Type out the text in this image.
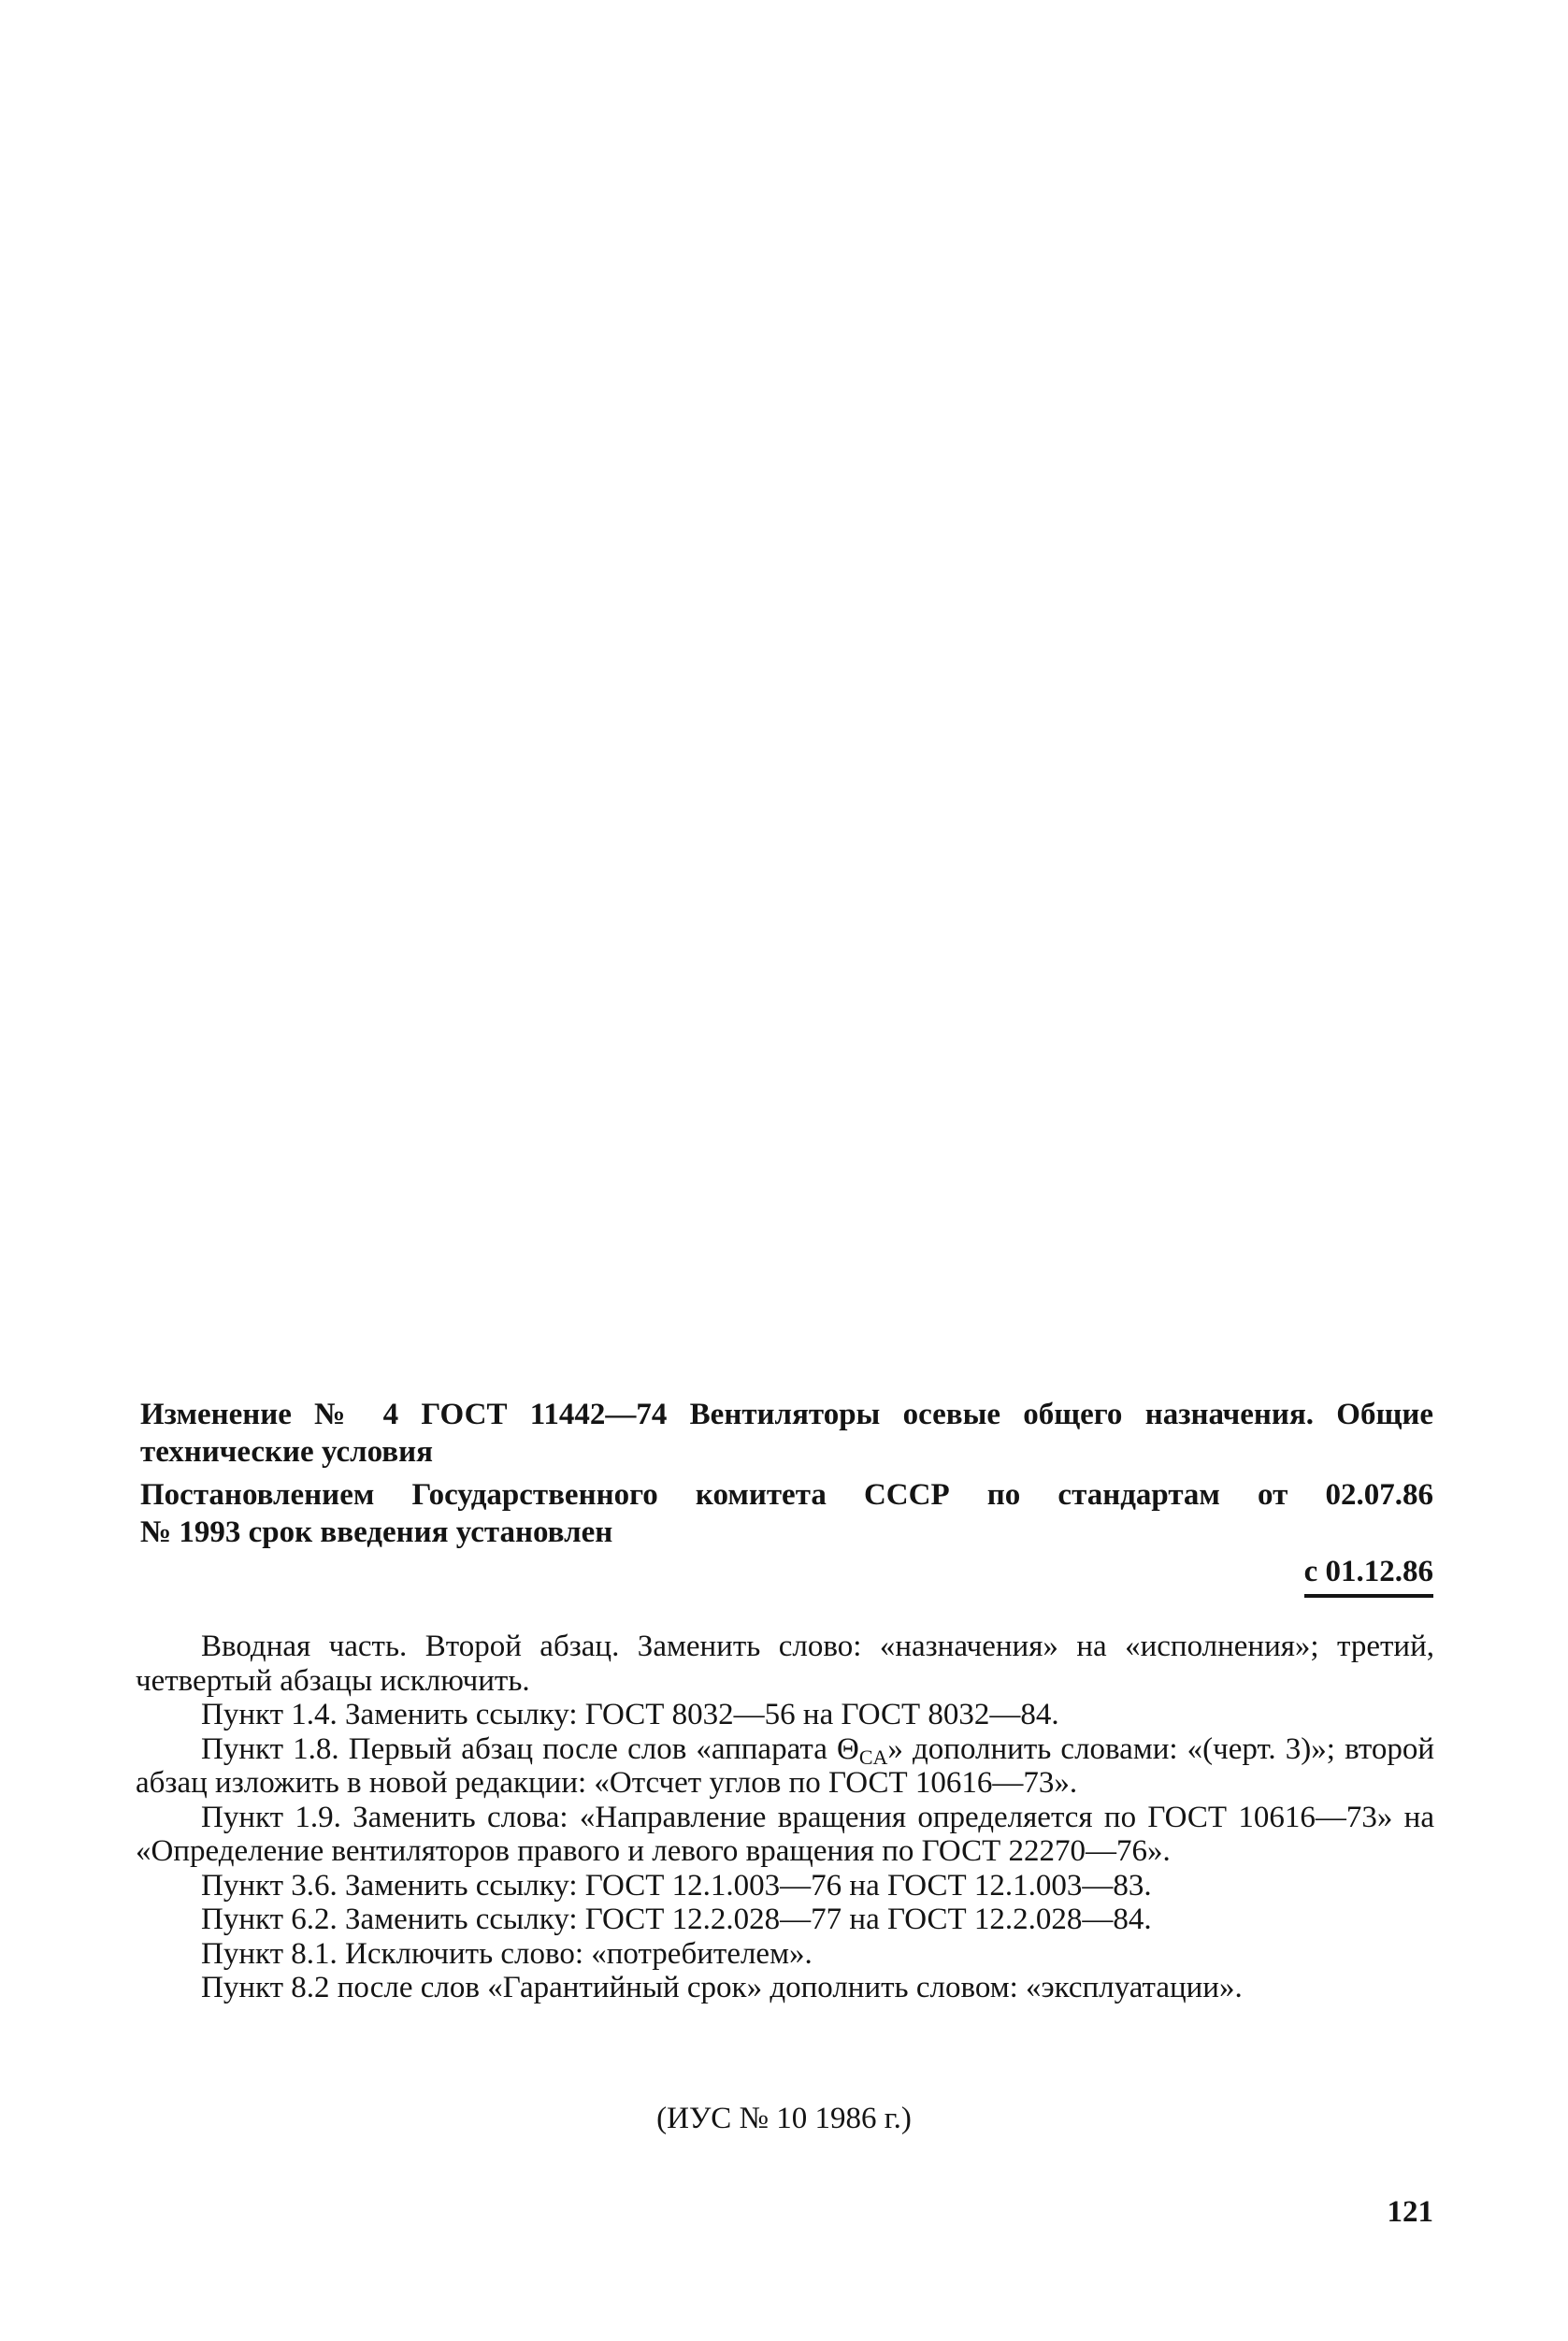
Изменение № 4 ГОСТ 11442—74 Вентиляторы осевые общего назначения. Общие
технические условия
Постановлением Государственного комитета СССР по стандартам от 02.07.86
№ 1993 срок введения установлен
с 01.12.86

Вводная часть. Второй абзац. Заменить слово: «назначения» на «исполнения»; третий, четвертый абзацы исключить.

Пункт 1.4. Заменить ссылку: ГОСТ 8032—56 на ГОСТ 8032—84.

Пункт 1.8. Первый абзац после слов «аппарата $\Theta_{CA}$» дополнить словами: «(черт. 3)»; второй абзац изложить в новой редакции: «Отсчет углов по ГОСТ 10616—73».

Пункт 1.9. Заменить слова: «Направление вращения определяется по ГОСТ 10616—73» на «Определение вентиляторов правого и левого вращения по ГОСТ 22270—76».

Пункт 3.6. Заменить ссылку: ГОСТ 12.1.003—76 на ГОСТ 12.1.003—83.

Пункт 6.2. Заменить ссылку: ГОСТ 12.2.028—77 на ГОСТ 12.2.028—84.

Пункт 8.1. Исключить слово: «потребителем».

Пункт 8.2 после слов «Гарантийный срок» дополнить словом: «эксплуатации».

(ИУС № 10 1986 г.)
121
